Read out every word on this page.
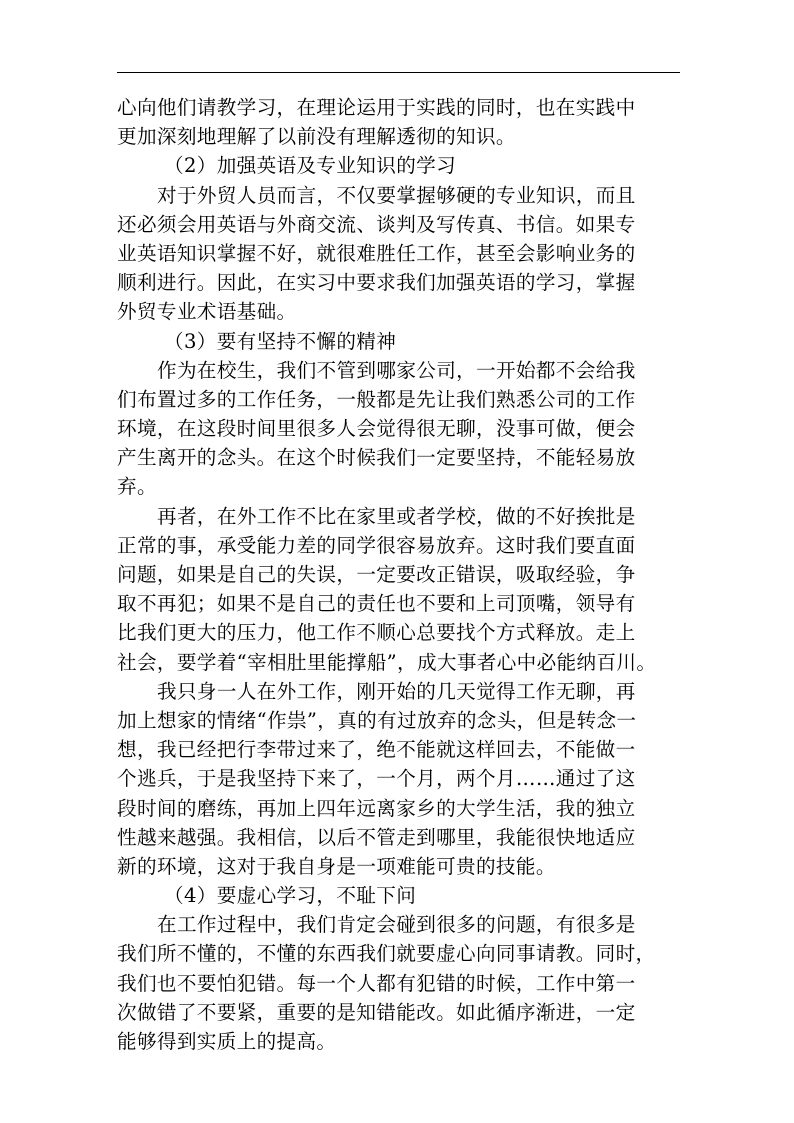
心向他们请教学习，在理论运用于实践的同时，也在实践中
更加深刻地理解了以前没有理解透彻的知识。
（2）加强英语及专业知识的学习
对于外贸人员而言，不仅要掌握够硬的专业知识，而且
还必须会用英语与外商交流、谈判及写传真、书信。如果专
业英语知识掌握不好，就很难胜任工作，甚至会影响业务的
顺利进行。因此，在实习中要求我们加强英语的学习，掌握
外贸专业术语基础。
（3）要有坚持不懈的精神
作为在校生，我们不管到哪家公司，一开始都不会给我
们布置过多的工作任务，一般都是先让我们熟悉公司的工作
环境，在这段时间里很多人会觉得很无聊，没事可做，便会
产生离开的念头。在这个时候我们一定要坚持，不能轻易放
弃。
再者，在外工作不比在家里或者学校，做的不好挨批是
正常的事，承受能力差的同学很容易放弃。这时我们要直面
问题，如果是自己的失误，一定要改正错误，吸取经验，争
取不再犯；如果不是自己的责任也不要和上司顶嘴，领导有
比我们更大的压力，他工作不顺心总要找个方式释放。走上
社会，要学着“宰相肚里能撑船”，成大事者心中必能纳百川。
我只身一人在外工作，刚开始的几天觉得工作无聊，再
加上想家的情绪“作祟”，真的有过放弃的念头，但是转念一
想，我已经把行李带过来了，绝不能就这样回去，不能做一
个逃兵，于是我坚持下来了，一个月，两个月……通过了这
段时间的磨练，再加上四年远离家乡的大学生活，我的独立
性越来越强。我相信，以后不管走到哪里，我能很快地适应
新的环境，这对于我自身是一项难能可贵的技能。
（4）要虚心学习，不耻下问
在工作过程中，我们肯定会碰到很多的问题，有很多是
我们所不懂的，不懂的东西我们就要虚心向同事请教。同时，
我们也不要怕犯错。每一个人都有犯错的时候，工作中第一
次做错了不要紧，重要的是知错能改。如此循序渐进，一定
能够得到实质上的提高。
